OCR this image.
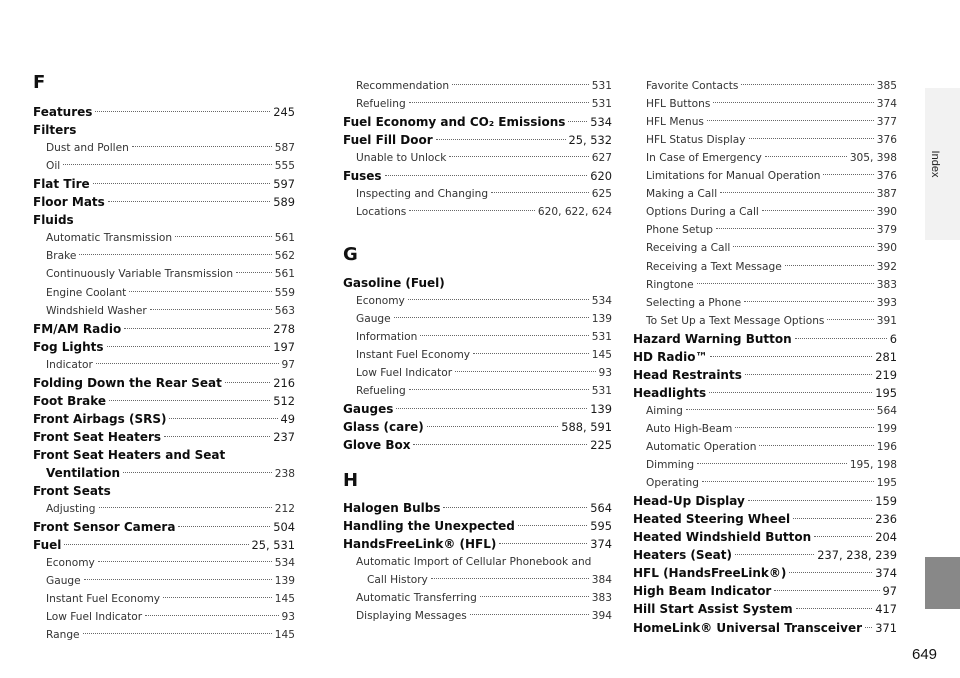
F
Features	245
Filters
Dust and Pollen	587
Oil	555
Flat Tire	597
Floor Mats	589
Fluids
Automatic Transmission	561
Brake	562
Continuously Variable Transmission	561
Engine Coolant	559
Windshield Washer	563
FM/AM Radio	278
Fog Lights	197
Indicator	97
Folding Down the Rear Seat	216
Foot Brake	512
Front Airbags (SRS)	49
Front Seat Heaters	237
Front Seat Heaters and Seat
Ventilation	238
Front Seats
Adjusting	212
Front Sensor Camera	504
Fuel	25, 531
Economy	534
Gauge	139
Instant Fuel Economy	145
Low Fuel Indicator	93
Range	145
Recommendation	531
Refueling	531
Fuel Economy and CO₂ Emissions 534
Fuel Fill Door	25, 532
Unable to Unlock	627
Fuses	620
Inspecting and Changing	625
Locations	620, 622, 624
G
Gasoline (Fuel)
Economy	534
Gauge	139
Information	531
Instant Fuel Economy	145
Low Fuel Indicator	93
Refueling	531
Gauges	139
Glass (care)	588, 591
Glove Box	225
H
Halogen Bulbs	564
Handling the Unexpected	595
HandsFreeLink® (HFL)	374
Automatic Import of Cellular Phonebook and
Call History	384
Automatic Transferring	383
Displaying Messages	394
Favorite Contacts	385
HFL Buttons	374
HFL Menus	377
HFL Status Display	376
In Case of Emergency	305, 398
Limitations for Manual Operation	376
Making a Call	387
Options During a Call	390
Phone Setup	379
Receiving a Call	390
Receiving a Text Message	392
Ringtone	383
Selecting a Phone	393
To Set Up a Text Message Options	391
Hazard Warning Button	6
HD Radio™	281
Head Restraints	219
Headlights	195
Aiming	564
Auto High-Beam	199
Automatic Operation	196
Dimming	195, 198
Operating	195
Head-Up Display	159
Heated Steering Wheel	236
Heated Windshield Button	204
Heaters (Seat)	237, 238, 239
HFL (HandsFreeLink®)	374
High Beam Indicator	97
Hill Start Assist System	417
HomeLink® Universal Transceiver 371
Index
649
